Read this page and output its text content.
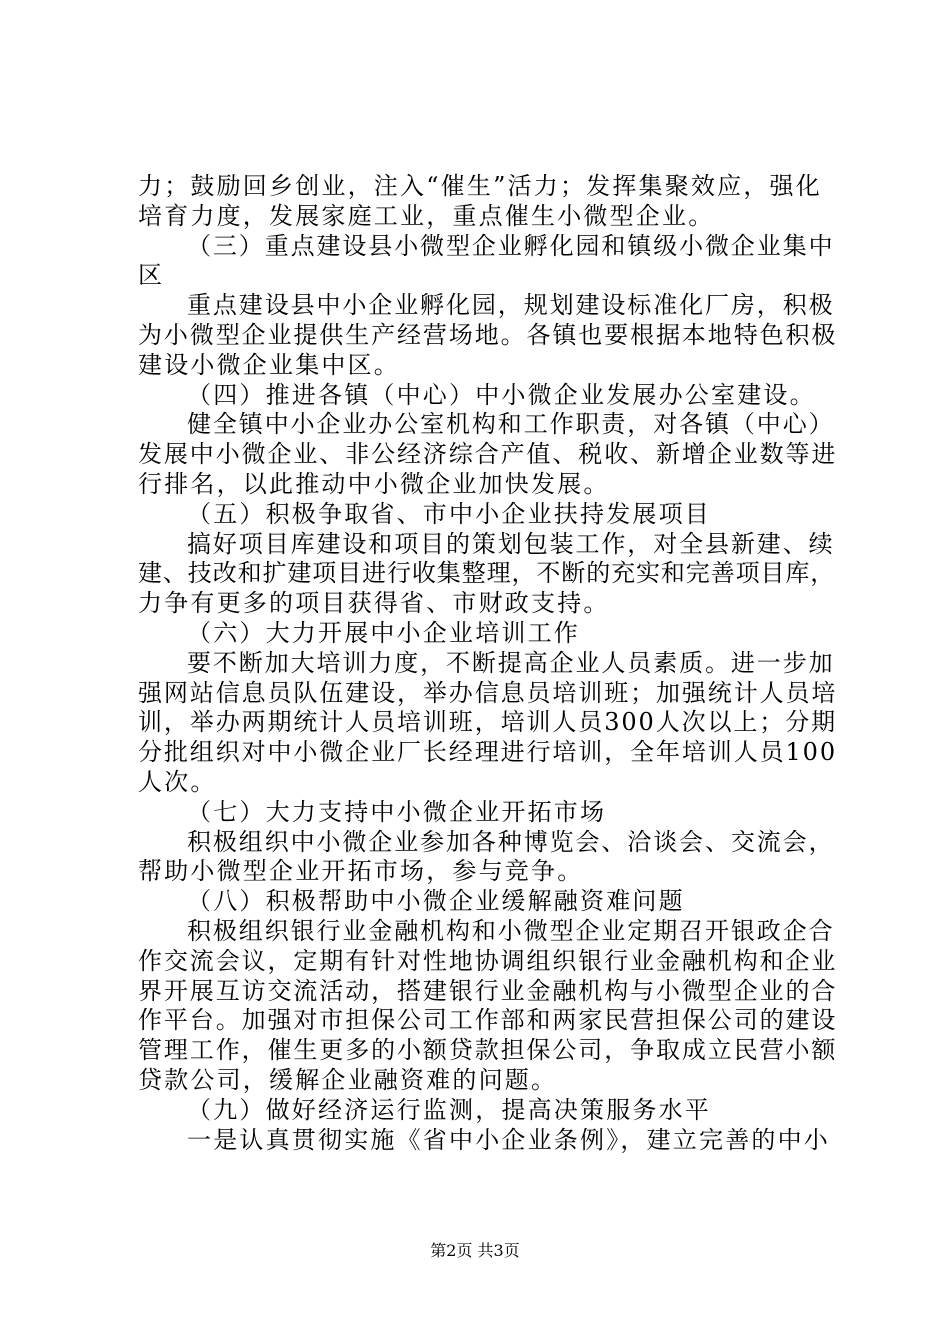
力；鼓励回乡创业，注入“催生”活力；发挥集聚效应，强化
培育力度，发展家庭工业，重点催生小微型企业。
（三）重点建设县小微型企业孵化园和镇级小微企业集中
区
重点建设县中小企业孵化园，规划建设标准化厂房，积极
为小微型企业提供生产经营场地。各镇也要根据本地特色积极
建设小微企业集中区。
（四）推进各镇（中心）中小微企业发展办公室建设。
健全镇中小企业办公室机构和工作职责，对各镇（中心）
发展中小微企业、非公经济综合产值、税收、新增企业数等进
行排名，以此推动中小微企业加快发展。
（五）积极争取省、市中小企业扶持发展项目
搞好项目库建设和项目的策划包装工作，对全县新建、续
建、技改和扩建项目进行收集整理，不断的充实和完善项目库，
力争有更多的项目获得省、市财政支持。
（六）大力开展中小企业培训工作
要不断加大培训力度，不断提高企业人员素质。进一步加
强网站信息员队伍建设，举办信息员培训班；加强统计人员培
训，举办两期统计人员培训班，培训人员300人次以上；分期
分批组织对中小微企业厂长经理进行培训，全年培训人员100
人次。
（七）大力支持中小微企业开拓市场
积极组织中小微企业参加各种博览会、洽谈会、交流会，
帮助小微型企业开拓市场，参与竞争。
（八）积极帮助中小微企业缓解融资难问题
积极组织银行业金融机构和小微型企业定期召开银政企合
作交流会议，定期有针对性地协调组织银行业金融机构和企业
界开展互访交流活动，搭建银行业金融机构与小微型企业的合
作平台。加强对市担保公司工作部和两家民营担保公司的建设
管理工作，催生更多的小额贷款担保公司，争取成立民营小额
贷款公司，缓解企业融资难的问题。
（九）做好经济运行监测，提高决策服务水平
一是认真贯彻实施《省中小企业条例》，建立完善的中小
第2页 共3页
